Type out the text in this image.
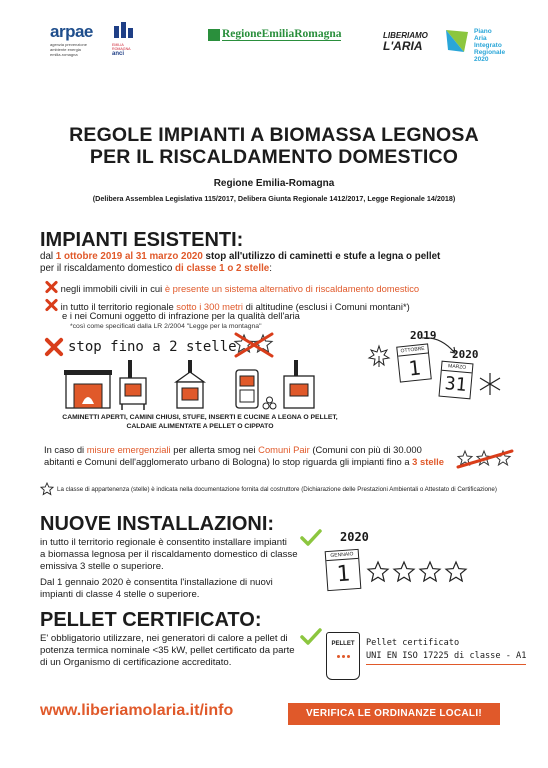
arpae
agenzia prevenzione ambiente energia emilia-romagna
EMILIA ROMAGNA
anci
RegioneEmiliaRomagna	LIBERIAMO
L'ARIA
Piano
Aria
Integrato
Regionale
2020
REGOLE IMPIANTI A BIOMASSA LEGNOSA
PER IL RISCALDAMENTO DOMESTICO
Regione Emilia-Romagna
(Delibera Assemblea Legislativa 115/2017, Delibera Giunta Regionale 1412/2017, Legge Regionale 14/2018)
IMPIANTI ESISTENTI:
dal 1 ottobre 2019 al 31 marzo 2020 stop all'utilizzo di caminetti e stufe a legna o pellet
per il riscaldamento domestico di classe 1 o 2 stelle:
negli immobili civili in cui è presente un sistema alternativo di riscaldamento domestico
in tutto il territorio regionale sotto i 300 metri di altitudine (esclusi i Comuni montani*)
e i nei Comuni oggetto di infrazione per la qualità dell'aria
*così come specificati dalla LR 2/2004 "Legge per la montagna"
stop fino a 2 stelle
2019
OTTOBRE
1
2020
MARZO
31
CAMINETTI APERTI, CAMINI CHIUSI, STUFE, INSERTI E CUCINE A LEGNA O PELLET,
CALDAIE ALIMENTATE A PELLET O CIPPATO
In caso di misure emergenziali per allerta smog nei Comuni Pair (Comuni con più di 30.000
abitanti e Comuni dell'agglomerato urbano di Bologna) lo stop riguarda gli impianti fino a 3 stelle
La classe di appartenenza (stelle) è indicata nella documentazione fornita dal costruttore (Dichiarazione delle Prestazioni Ambientali o Attestato di Certificazione)
NUOVE INSTALLAZIONI:
in tutto il territorio regionale è consentito installare impianti
a biomassa legnosa per il riscaldamento domestico di classe
emissiva 3 stelle o superiore.
Dal 1 gennaio 2020 è consentita l'installazione di nuovi
impianti di classe 4 stelle o superiore.
2020
GENNAIO
1
PELLET CERTIFICATO:
E' obbligatorio utilizzare, nei generatori di calore a pellet di
potenza termica nominale <35 kW, pellet certificato da parte
di un Organismo di certificazione accreditato.
PELLET	Pellet certificato
UNI EN ISO 17225 di classe - A1
www.liberiamolaria.it/info	VERIFICA LE ORDINANZE LOCALI!
